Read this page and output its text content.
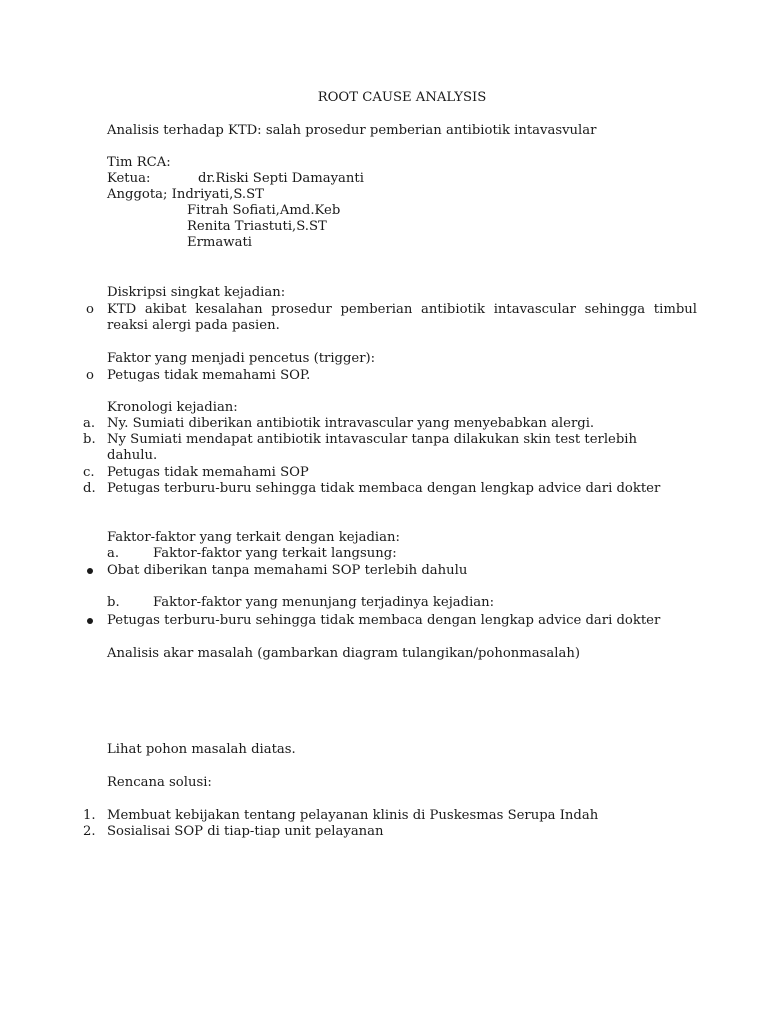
ROOT CAUSE ANALYSIS
Analisis terhadap KTD: salah prosedur pemberian antibiotik intavasvular
Tim RCA:
Ketua:	dr.Riski Septi Damayanti
Anggota; Indriyati,S.ST
Fitrah Sofiati,Amd.Keb
Renita Triastuti,S.ST
Ermawati
Diskripsi singkat kejadian:
o KTD akibat kesalahan prosedur pemberian antibiotik intavascular sehingga timbul
reaksi alergi pada pasien.
Faktor yang menjadi pencetus (trigger):
o Petugas tidak memahami SOP.
Kronologi kejadian:
a. Ny. Sumiati diberikan antibiotik intravascular yang menyebabkan alergi.
b. Ny Sumiati mendapat antibiotik intavascular tanpa dilakukan skin test terlebih
dahulu.
c. Petugas tidak memahami SOP
d. Petugas terburu-buru sehingga tidak membaca dengan lengkap advice dari dokter
Faktor-faktor yang terkait dengan kejadian:
a.	Faktor-faktor yang terkait langsung:
Obat diberikan tanpa memahami SOP terlebih dahulu
b.	Faktor-faktor yang menunjang terjadinya kejadian:
Petugas terburu-buru sehingga tidak membaca dengan lengkap advice dari dokter
Analisis akar masalah (gambarkan diagram tulangikan/pohonmasalah)
Lihat pohon masalah diatas.
Rencana solusi:
1. Membuat kebijakan tentang pelayanan klinis di Puskesmas Serupa Indah
2. Sosialisai SOP di tiap-tiap unit pelayanan
